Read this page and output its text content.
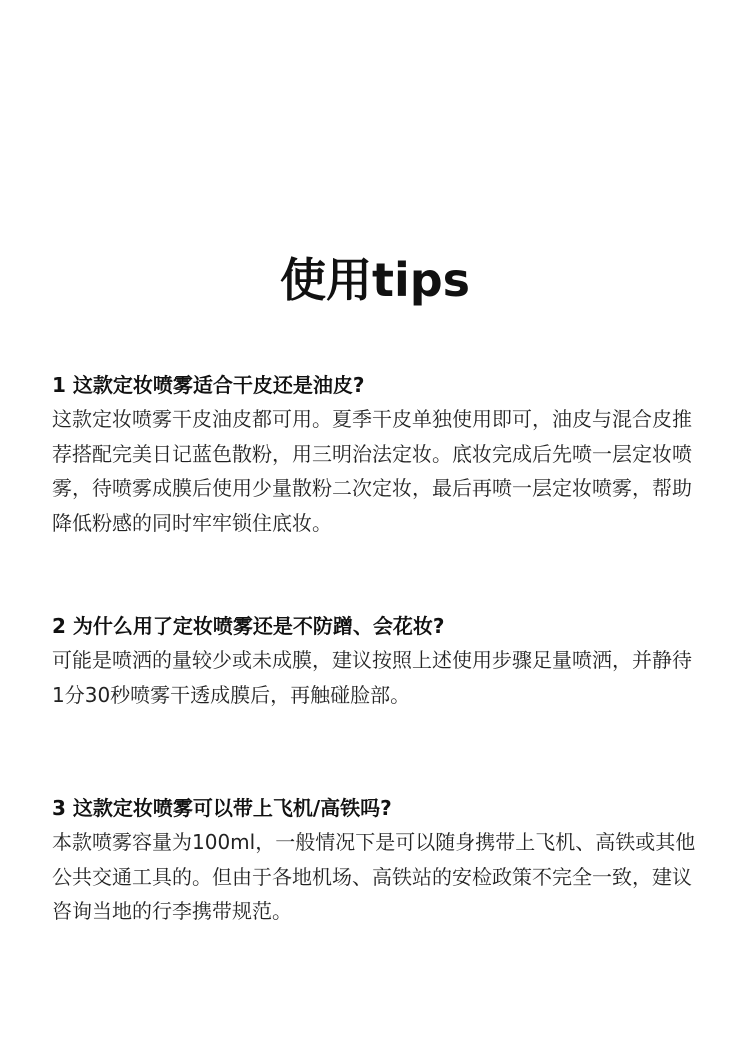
使用tips

1 这款定妆喷雾适合干皮还是油皮?

这款定妆喷雾干皮油皮都可用。夏季干皮单独使用即可，油皮与混合皮推荐搭配完美日记蓝色散粉，用三明治法定妆。底妆完成后先喷一层定妆喷雾，待喷雾成膜后使用少量散粉二次定妆，最后再喷一层定妆喷雾，帮助降低粉感的同时牢牢锁住底妆。

2 为什么用了定妆喷雾还是不防蹭、会花妆?

可能是喷洒的量较少或未成膜，建议按照上述使用步骤足量喷洒，并静待1分30秒喷雾干透成膜后，再触碰脸部。

3 这款定妆喷雾可以带上飞机/高铁吗?

本款喷雾容量为100ml，一般情况下是可以随身携带上飞机、高铁或其他公共交通工具的。但由于各地机场、高铁站的安检政策不完全一致，建议咨询当地的行李携带规范。
